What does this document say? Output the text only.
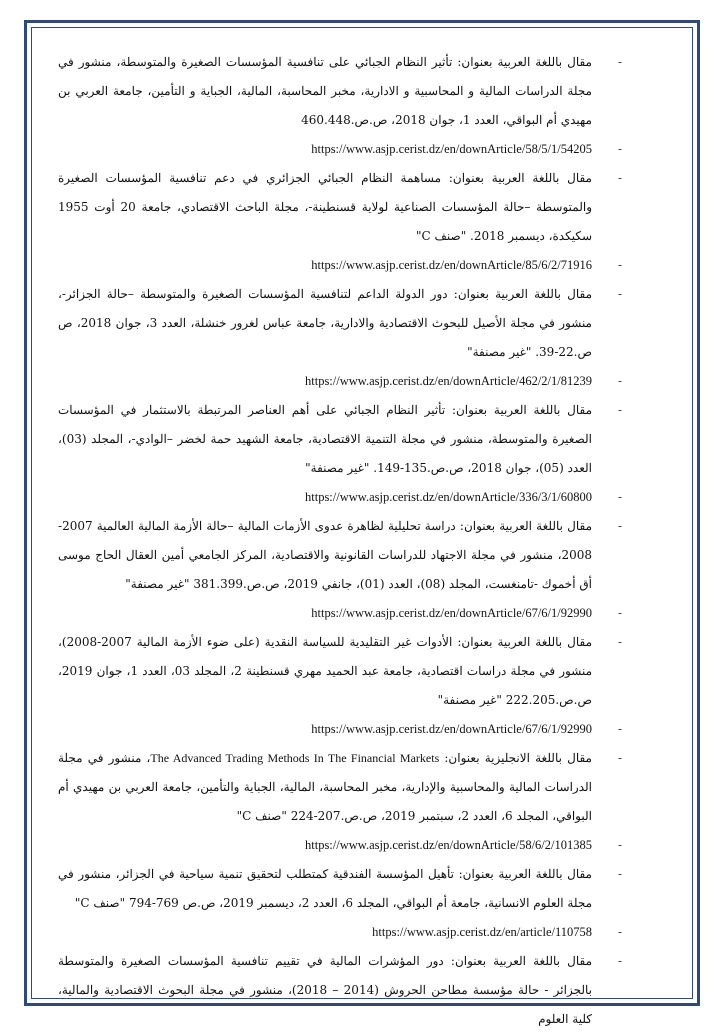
- مقال باللغة العربية بعنوان: تأثير النظام الجبائي على تنافسية المؤسسات الصغيرة والمتوسطة، منشور في مجلة الدراسات المالية و المحاسبية و الادارية، مخبر المحاسبة، المالية، الجباية و التأمين، جامعة العربي بن مهيدي أم البواقي، العدد 1، جوان 2018، ص.ص.460.448

- https://www.asjp.cerist.dz/en/downArticle/58/5/1/54205

- مقال باللغة العربية بعنوان: مساهمة النظام الجبائي الجزائري في دعم تنافسية المؤسسات الصغيرة والمتوسطة –حالة المؤسسات الصناعية لولاية قسنطينة-، مجلة الباحث الاقتصادي، جامعة 20 أوت 1955 سكيكدة، ديسمبر 2018. "صنف C"

- https://www.asjp.cerist.dz/en/downArticle/85/6/2/71916

- مقال باللغة العربية بعنوان: دور الدولة الداعم لتنافسية المؤسسات الصغيرة والمتوسطة –حالة الجزائر-، منشور في مجلة الأصيل للبحوث الاقتصادية والادارية، جامعة عباس لغرور خنشلة، العدد 3، جوان 2018، ص ص.22-39. "غير مصنفة"

- https://www.asjp.cerist.dz/en/downArticle/462/2/1/81239

- مقال باللغة العربية بعنوان: تأثير النظام الجبائي على أهم العناصر المرتبطة بالاستثمار في المؤسسات الصغيرة والمتوسطة، منشور في مجلة التنمية الاقتصادية، جامعة الشهيد حمة لخضر –الوادي-، المجلد (03)، العدد (05)، جوان 2018، ص.ص.135-149. "غير مصنفة"

- https://www.asjp.cerist.dz/en/downArticle/336/3/1/60800

- مقال باللغة العربية بعنوان: دراسة تحليلية لظاهرة عدوى الأزمات المالية –حالة الأزمة المالية العالمية 2007-2008، منشور في مجلة الاجتهاد للدراسات القانونية والاقتصادية، المركز الجامعي أمين العقال الحاج موسى أق أخموك -تامنغست، المجلد (08)، العدد (01)، جانفي 2019، ص.ص.381.399 "غير مصنفة"

- https://www.asjp.cerist.dz/en/downArticle/67/6/1/92990

- مقال باللغة العربية بعنوان: الأدوات غير التقليدية للسياسة النقدية (على ضوء الأزمة المالية 2007-2008)، منشور في مجلة دراسات اقتصادية، جامعة عبد الحميد مهري قسنطينة 2، المجلد 03، العدد 1، جوان 2019، ص.ص.222.205 "غير مصنفة"

- https://www.asjp.cerist.dz/en/downArticle/67/6/1/92990

- مقال باللغة الانجليزية بعنوان: The Advanced Trading Methods In The Financial Markets، منشور في مجلة الدراسات المالية والمحاسبية والإدارية، مخبر المحاسبة، المالية، الجباية والتأمين، جامعة العربي بن مهيدي أم البواقي، المجلد 6، العدد 2، سبتمبر 2019، ص.ص.207-224 "صنف C"

- https://www.asjp.cerist.dz/en/downArticle/58/6/2/101385

- مقال باللغة العربية بعنوان: تأهيل المؤسسة الفندقية كمتطلب لتحقيق تنمية سياحية في الجزائر، منشور في مجلة العلوم الانسانية، جامعة أم البواقي، المجلد 6، العدد 2، ديسمبر 2019، ص.ص 769-794 "صنف C"

- https://www.asjp.cerist.dz/en/article/110758

- مقال باللغة العربية بعنوان: دور المؤشرات المالية في تقييم تنافسية المؤسسات الصغيرة والمتوسطة بالجزائر - حالة مؤسسة مطاحن الحروش (2014 – 2018)، منشور في مجلة البحوث الاقتصادية والمالية، كلية العلوم
